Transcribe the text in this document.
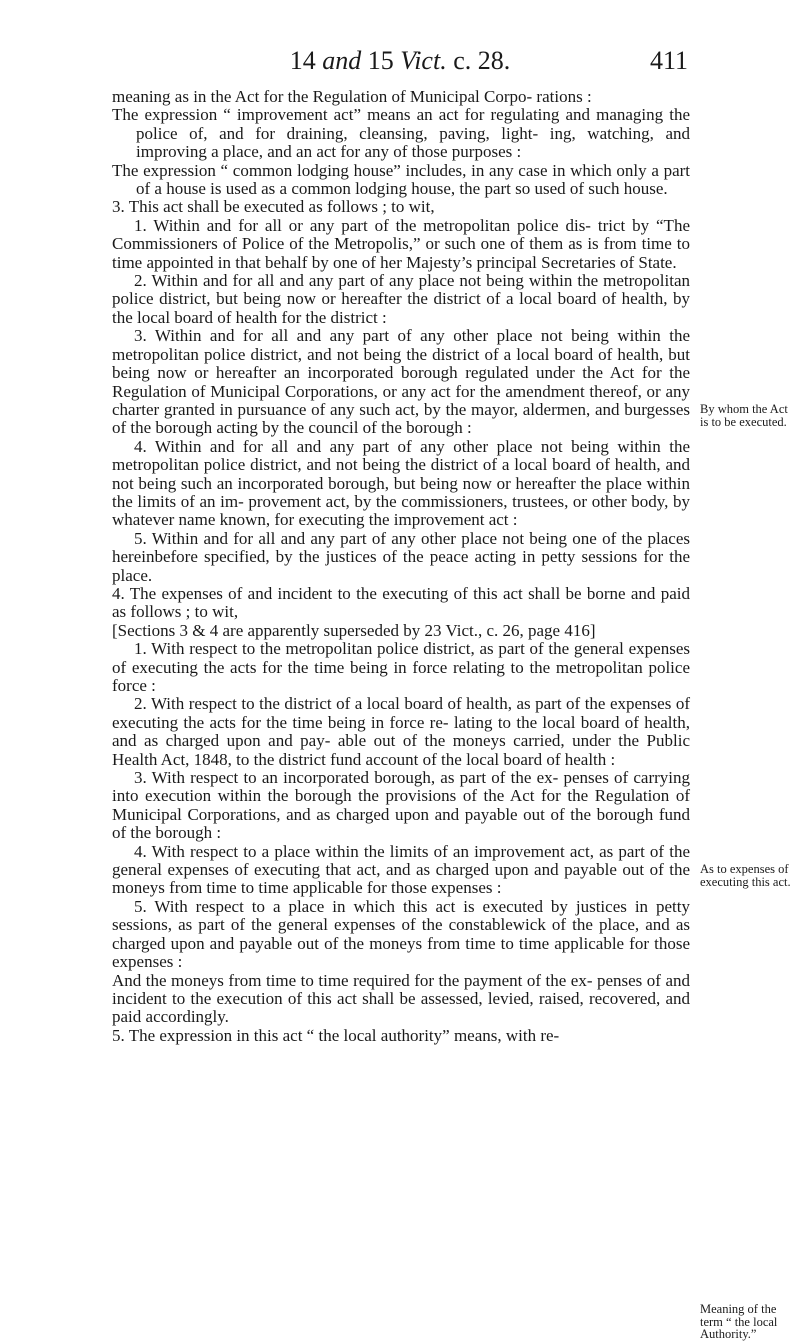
14 and 15 Vict. c. 28.	411

meaning as in the Act for the Regulation of Municipal Corpo- rations :

The expression “ improvement act” means an act for regulating and managing the police of, and for draining, cleansing, paving, light- ing, watching, and improving a place, and an act for any of those purposes :

The expression “ common lodging house” includes, in any case in which only a part of a house is used as a common lodging house, the part so used of such house.

3. This act shall be executed as follows ; to wit,

1. Within and for all or any part of the metropolitan police dis- trict by “The Commissioners of Police of the Metropolis,” or such one of them as is from time to time appointed in that behalf by one of her Majesty’s principal Secretaries of State.

2. Within and for all and any part of any place not being within the metropolitan police district, but being now or hereafter the district of a local board of health, by the local board of health for the district :

3. Within and for all and any part of any other place not being within the metropolitan police district, and not being the district of a local board of health, but being now or hereafter an incorporated borough regulated under the Act for the Regulation of Municipal Corporations, or any act for the amendment thereof, or any charter granted in pursuance of any such act, by the mayor, aldermen, and burgesses of the borough acting by the council of the borough :

4. Within and for all and any part of any other place not being within the metropolitan police district, and not being the district of a local board of health, and not being such an incorporated borough, but being now or hereafter the place within the limits of an im- provement act, by the commissioners, trustees, or other body, by whatever name known, for executing the improvement act :

5. Within and for all and any part of any other place not being one of the places hereinbefore specified, by the justices of the peace acting in petty sessions for the place.

4. The expenses of and incident to the executing of this act shall be borne and paid as follows ; to wit,

[Sections 3 & 4 are apparently superseded by 23 Vict., c. 26, page 416]

1. With respect to the metropolitan police district, as part of the general expenses of executing the acts for the time being in force relating to the metropolitan police force :

2. With respect to the district of a local board of health, as part of the expenses of executing the acts for the time being in force re- lating to the local board of health, and as charged upon and pay- able out of the moneys carried, under the Public Health Act, 1848, to the district fund account of the local board of health :

3. With respect to an incorporated borough, as part of the ex- penses of carrying into execution within the borough the provisions of the Act for the Regulation of Municipal Corporations, and as charged upon and payable out of the borough fund of the borough :

4. With respect to a place within the limits of an improvement act, as part of the general expenses of executing that act, and as charged upon and payable out of the moneys from time to time applicable for those expenses :

5. With respect to a place in which this act is executed by justices in petty sessions, as part of the general expenses of the constablewick of the place, and as charged upon and payable out of the moneys from time to time applicable for those expenses :

And the moneys from time to time required for the payment of the ex- penses of and incident to the execution of this act shall be assessed, levied, raised, recovered, and paid accordingly.

5. The expression in this act “ the local authority” means, with re-

By whom the Act is to be executed.
As to expenses of executing this act.
Meaning of the term “ the local Authority.”
